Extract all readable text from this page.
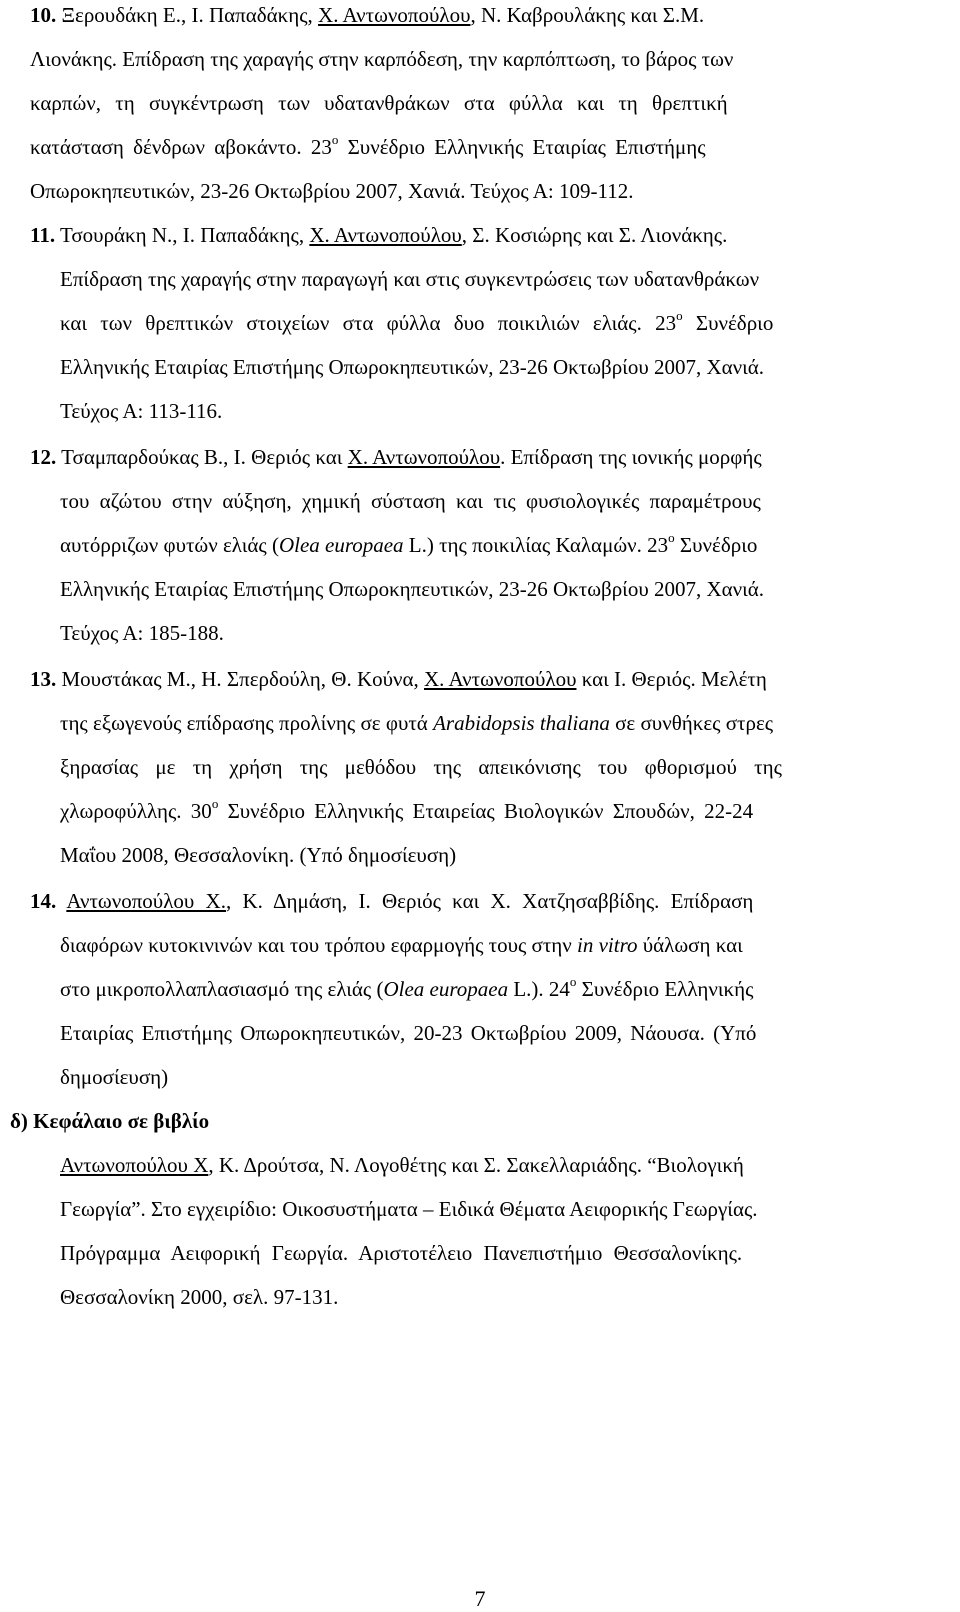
10. Ξερουδάκη Ε., Ι. Παπαδάκης, Χ. Αντωνοπούλου, Ν. Καβρουλάκης και Σ.Μ.
Λιονάκης. Επίδραση της χαραγής στην καρπόδεση, την καρπόπτωση, το βάρος των
καρπών, τη συγκέντρωση των υδατανθράκων στα φύλλα και τη θρεπτική
κατάσταση δένδρων αβοκάντο. $23^o$ Συνέδριο Ελληνικής Εταιρίας Επιστήμης
Οπωροκηπευτικών, 23-26 Οκτωβρίου 2007, Χανιά. Τεύχος Α: 109-112.
11. Τσουράκη Ν., Ι. Παπαδάκης, Χ. Αντωνοπούλου, Σ. Κοσιώρης και Σ. Λιονάκης.
Επίδραση της χαραγής στην παραγωγή και στις συγκεντρώσεις των υδατανθράκων
και των θρεπτικών στοιχείων στα φύλλα δυο ποικιλιών ελιάς. $23^o$ Συνέδριο
Ελληνικής Εταιρίας Επιστήμης Οπωροκηπευτικών, 23-26 Οκτωβρίου 2007, Χανιά.
Τεύχος Α: 113-116.
12. Τσαμπαρδούκας Β., Ι. Θεριός και Χ. Αντωνοπούλου. Επίδραση της ιονικής μορφής
του αζώτου στην αύξηση, χημική σύσταση και τις φυσιολογικές παραμέτρους
αυτόρριζων φυτών ελιάς (Olea europaea L.) της ποικιλίας Καλαμών. $23^o$ Συνέδριο
Ελληνικής Εταιρίας Επιστήμης Οπωροκηπευτικών, 23-26 Οκτωβρίου 2007, Χανιά.
Τεύχος Α: 185-188.
13. Μουστάκας Μ., Η. Σπερδούλη, Θ. Κούνα, Χ. Αντωνοπούλου και Ι. Θεριός. Μελέτη
της εξωγενούς επίδρασης προλίνης σε φυτά Arabidopsis thaliana σε συνθήκες στρες
ξηρασίας με τη χρήση της μεθόδου της απεικόνισης του φθορισμού της
χλωροφύλλης. $30^o$ Συνέδριο Ελληνικής Εταιρείας Βιολογικών Σπουδών, 22-24
Μαΐου 2008, Θεσσαλονίκη. (Υπό δημοσίευση)
14. Αντωνοπούλου Χ., Κ. Δημάση, Ι. Θεριός και Χ. Χατζησαββίδης. Επίδραση
διαφόρων κυτοκινινών και του τρόπου εφαρμογής τους στην in vitro ύάλωση και
στο μικροπολλαπλασιασμό της ελιάς (Olea europaea L.). $24^o$ Συνέδριο Ελληνικής
Εταιρίας Επιστήμης Οπωροκηπευτικών, 20-23 Οκτωβρίου 2009, Νάουσα. (Υπό
δημοσίευση)
δ) Κεφάλαιο σε βιβλίο
Αντωνοπούλου Χ, Κ. Δρούτσα, Ν. Λογοθέτης και Σ. Σακελλαριάδης. “Βιολογική
Γεωργία”. Στο εγχειρίδιο: Οικοσυστήματα – Ειδικά Θέματα Αειφορικής Γεωργίας.
Πρόγραμμα Αειφορική Γεωργία. Αριστοτέλειο Πανεπιστήμιο Θεσσαλονίκης.
Θεσσαλονίκη 2000, σελ. 97-131.
7
